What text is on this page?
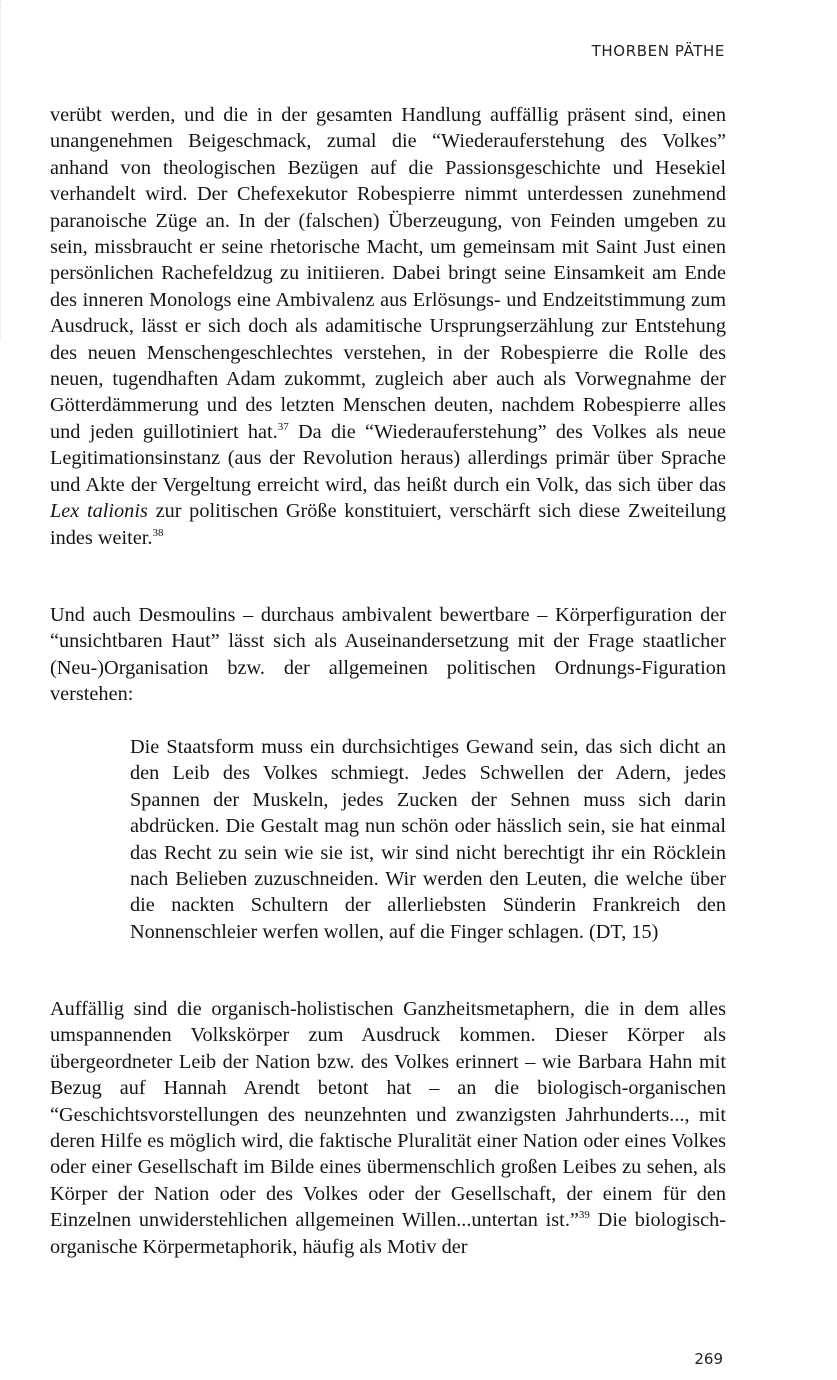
THORBEN PÄTHE

verübt werden, und die in der gesamten Handlung auffällig präsent sind, einen unangenehmen Beigeschmack, zumal die “Wiederauferstehung des Volkes” anhand von theologischen Bezügen auf die Passionsgeschichte und Hesekiel verhandelt wird. Der Chefexekutor Robespierre nimmt unterdessen zunehmend paranoische Züge an. In der (falschen) Überzeugung, von Feinden umgeben zu sein, missbraucht er seine rhetorische Macht, um gemeinsam mit Saint Just einen persönlichen Rachefeldzug zu initiieren. Dabei bringt seine Einsamkeit am Ende des inneren Monologs eine Ambivalenz aus Erlösungs- und Endzeitstimmung zum Ausdruck, lässt er sich doch als adamitische Ursprungserzählung zur Entstehung des neuen Menschengeschlechtes verstehen, in der Robespierre die Rolle des neuen, tugendhaften Adam zukommt, zugleich aber auch als Vorwegnahme der Götterdämmerung und des letzten Menschen deuten, nachdem Robespierre alles und jeden guillotiniert hat.$^{37}$ Da die “Wiederauferstehung” des Volkes als neue Legitimationsinstanz (aus der Revolution heraus) allerdings primär über Sprache und Akte der Vergeltung erreicht wird, das heißt durch ein Volk, das sich über das Lex talionis zur politischen Größe konstituiert, verschärft sich diese Zweiteilung indes weiter.$^{38}$

Und auch Desmoulins – durchaus ambivalent bewertbare – Körperfiguration der “unsichtbaren Haut” lässt sich als Auseinandersetzung mit der Frage staatlicher (Neu-)Organisation bzw. der allgemeinen politischen Ordnungs-Figuration verstehen:

Die Staatsform muss ein durchsichtiges Gewand sein, das sich dicht an den Leib des Volkes schmiegt. Jedes Schwellen der Adern, jedes Spannen der Muskeln, jedes Zucken der Sehnen muss sich darin abdrücken. Die Gestalt mag nun schön oder hässlich sein, sie hat einmal das Recht zu sein wie sie ist, wir sind nicht berechtigt ihr ein Röcklein nach Belieben zuzuschneiden. Wir werden den Leuten, die welche über die nackten Schultern der allerliebsten Sünderin Frankreich den Nonnenschleier werfen wollen, auf die Finger schlagen. (DT, 15)

Auffällig sind die organisch-holistischen Ganzheitsmetaphern, die in dem alles umspannenden Volkskörper zum Ausdruck kommen. Dieser Körper als übergeordneter Leib der Nation bzw. des Volkes erinnert – wie Barbara Hahn mit Bezug auf Hannah Arendt betont hat – an die biologisch-organischen “Geschichtsvorstellungen des neunzehnten und zwanzigsten Jahrhunderts..., mit deren Hilfe es möglich wird, die faktische Pluralität einer Nation oder eines Volkes oder einer Gesellschaft im Bilde eines übermenschlich großen Leibes zu sehen, als Körper der Nation oder des Volkes oder der Gesellschaft, der einem für den Einzelnen unwiderstehlichen allgemeinen Willen...untertan ist.”$^{39}$ Die biologisch-organische Körpermetaphorik, häufig als Motiv der

269
